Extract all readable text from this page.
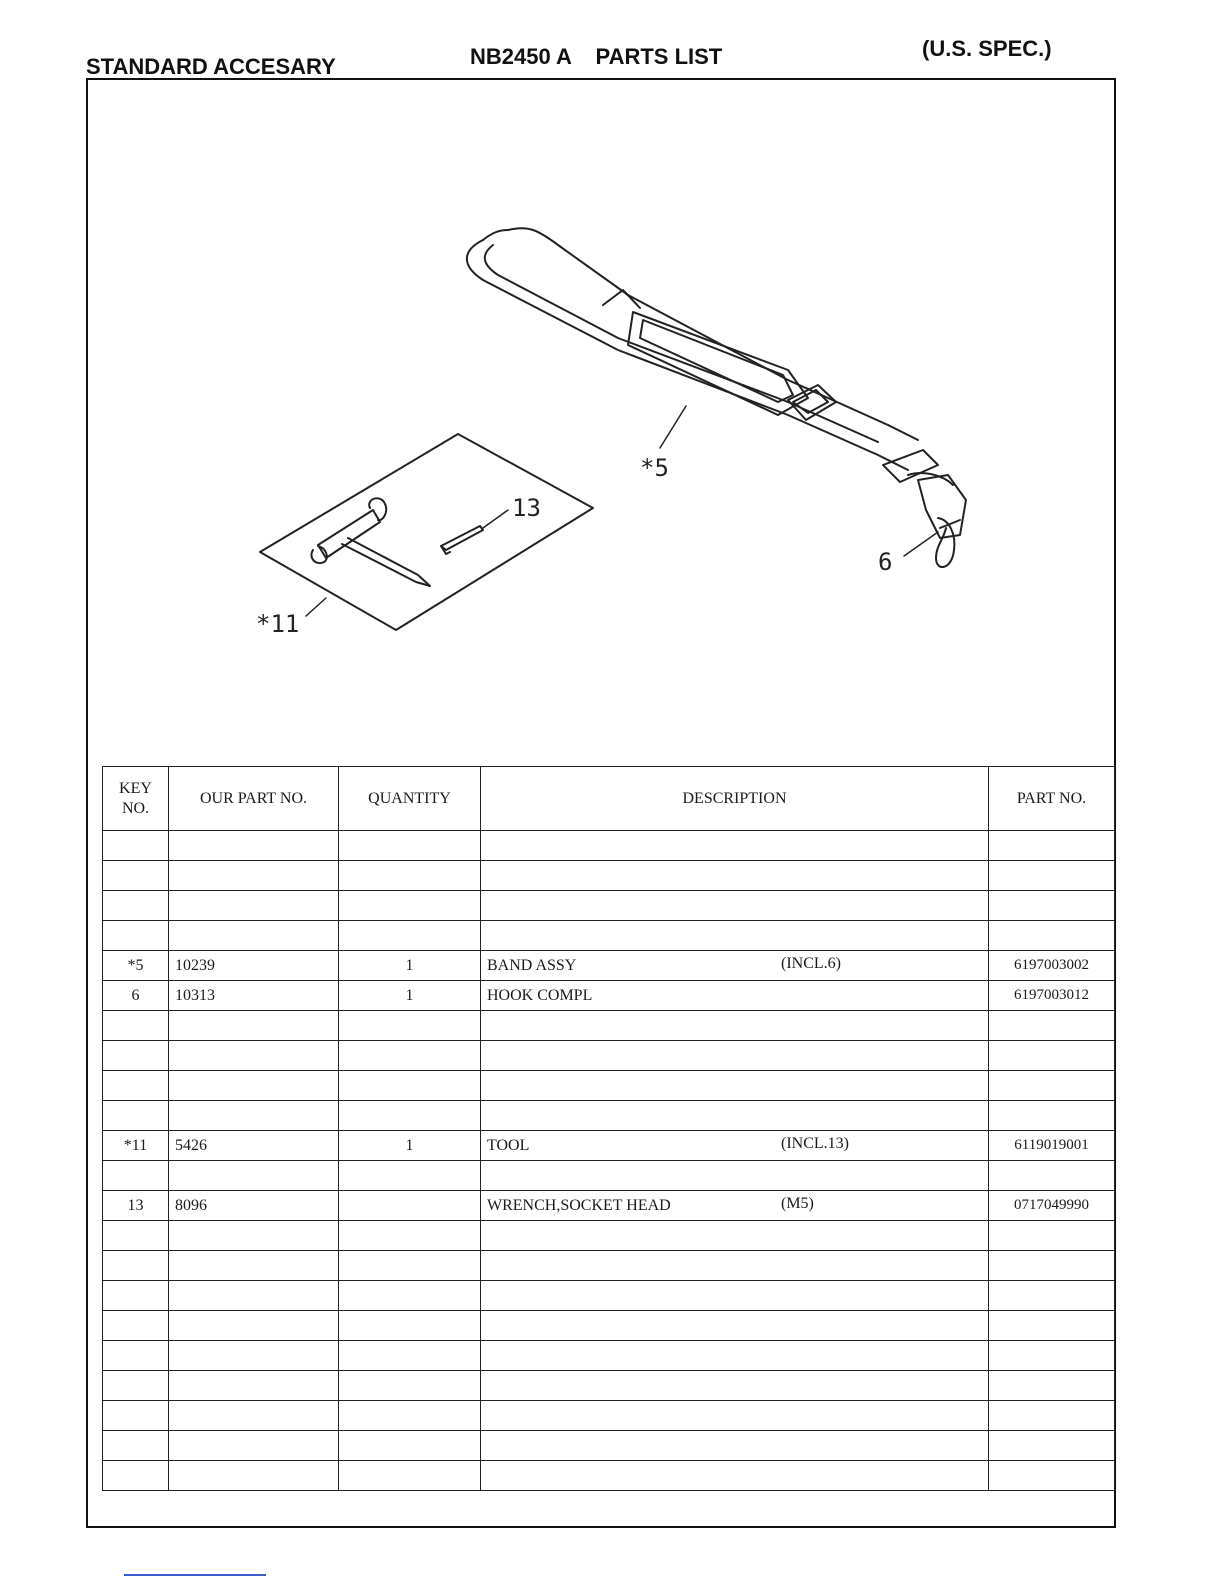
STANDARD ACCESARY	NB2450 A    PARTS LIST	(U.S. SPEC.)
*5
6
13
*11
KEY NO.	OUR PART NO.	QUANTITY	DESCRIPTION	PART NO.

*5	10239	1	BAND ASSY (INCL.6)	6197003002
6	10313	1	HOOK COMPL	6197003012

*11	5426	1	TOOL (INCL.13)	6119019001

13	8096		WRENCH,SOCKET HEAD (M5)	0717049990
